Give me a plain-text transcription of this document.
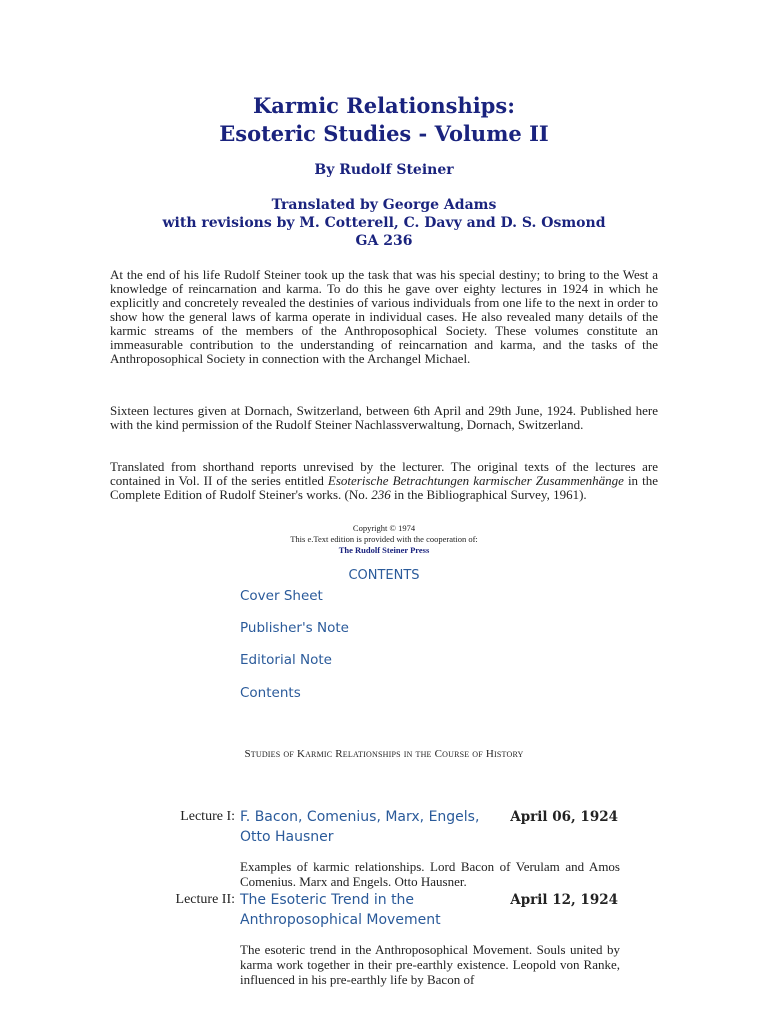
Karmic Relationships:
Esoteric Studies - Volume II
By Rudolf Steiner
Translated by George Adams
with revisions by M. Cotterell, C. Davy and D. S. Osmond
GA 236
At the end of his life Rudolf Steiner took up the task that was his special destiny; to bring to the West a knowledge of reincarnation and karma. To do this he gave over eighty lectures in 1924 in which he explicitly and concretely revealed the destinies of various individuals from one life to the next in order to show how the general laws of karma operate in individual cases. He also revealed many details of the karmic streams of the members of the Anthroposophical Society. These volumes constitute an immeasurable contribution to the understanding of reincarnation and karma, and the tasks of the Anthroposophical Society in connection with the Archangel Michael.
Sixteen lectures given at Dornach, Switzerland, between 6th April and 29th June, 1924. Published here with the kind permission of the Rudolf Steiner Nachlassverwaltung, Dornach, Switzerland.
Translated from shorthand reports unrevised by the lecturer. The original texts of the lectures are contained in Vol. II of the series entitled Esoterische Betrachtungen karmischer Zusammenhänge in the Complete Edition of Rudolf Steiner's works. (No. 236 in the Bibliographical Survey, 1961).
Copyright © 1974
This e.Text edition is provided with the cooperation of:
The Rudolf Steiner Press
CONTENTS
Cover Sheet
Publisher's Note
Editorial Note
Contents
Studies of Karmic Relationships in the Course of History
Lecture I: F. Bacon, Comenius, Marx, Engels, Otto Hausner
April 06, 1924
Examples of karmic relationships. Lord Bacon of Verulam and Amos Comenius. Marx and Engels. Otto Hausner.
Lecture II: The Esoteric Trend in the Anthroposophical Movement
April 12, 1924
The esoteric trend in the Anthroposophical Movement. Souls united by karma work together in their pre-earthly existence. Leopold von Ranke, influenced in his pre-earthly life by Bacon of
